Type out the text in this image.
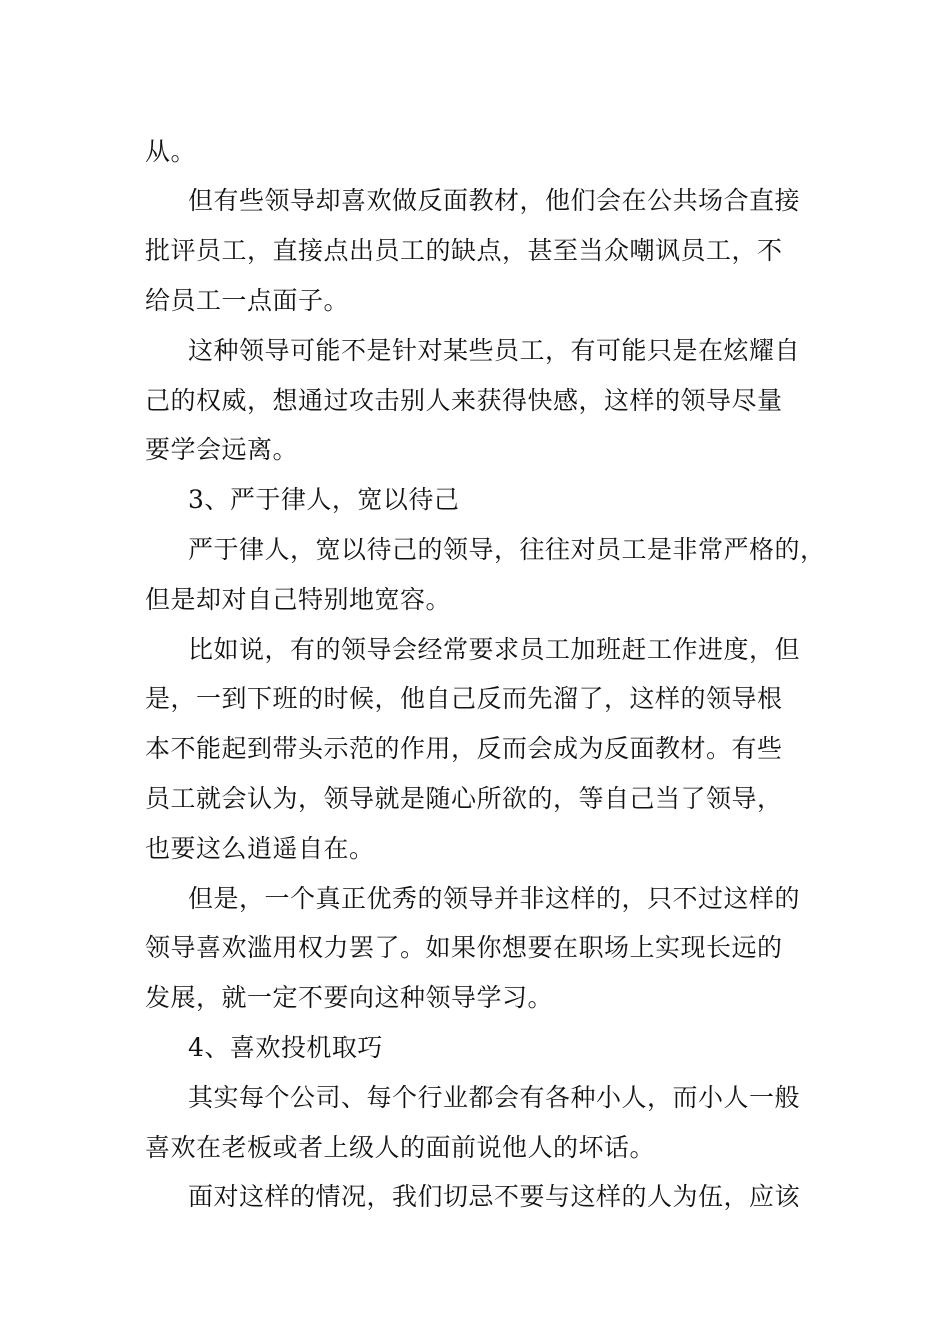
从。
但有些领导却喜欢做反面教材，他们会在公共场合直接
批评员工，直接点出员工的缺点，甚至当众嘲讽员工，不
给员工一点面子。
这种领导可能不是针对某些员工，有可能只是在炫耀自
己的权威，想通过攻击别人来获得快感，这样的领导尽量
要学会远离。
3、严于律人，宽以待己
严于律人，宽以待己的领导，往往对员工是非常严格的，
但是却对自己特别地宽容。
比如说，有的领导会经常要求员工加班赶工作进度，但
是，一到下班的时候，他自己反而先溜了，这样的领导根
本不能起到带头示范的作用，反而会成为反面教材。有些
员工就会认为，领导就是随心所欲的，等自己当了领导，
也要这么逍遥自在。
但是，一个真正优秀的领导并非这样的，只不过这样的
领导喜欢滥用权力罢了。如果你想要在职场上实现长远的
发展，就一定不要向这种领导学习。
4、喜欢投机取巧
其实每个公司、每个行业都会有各种小人，而小人一般
喜欢在老板或者上级人的面前说他人的坏话。
面对这样的情况，我们切忌不要与这样的人为伍，应该
